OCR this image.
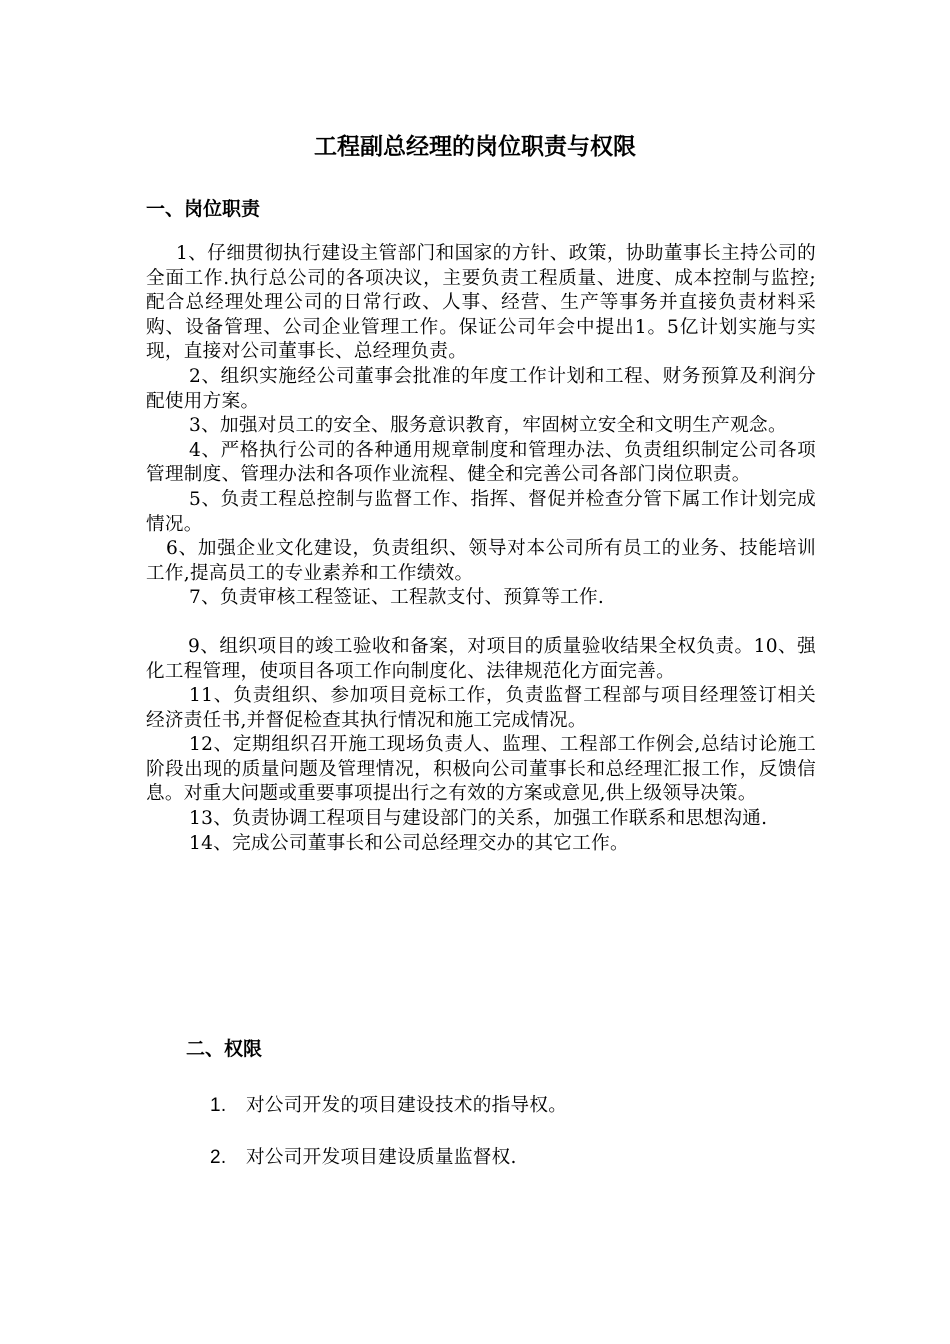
工程副总经理的岗位职责与权限
一、岗位职责

1、仔细贯彻执行建设主管部门和国家的方针、政策，协助董事长主持公司的全面工作.执行总公司的各项决议，主要负责工程质量、进度、成本控制与监控;配合总经理处理公司的日常行政、人事、经营、生产等事务并直接负责材料采购、设备管理、公司企业管理工作。保证公司年会中提出1。5亿计划实施与实现，直接对公司董事长、总经理负责。

2、组织实施经公司董事会批准的年度工作计划和工程、财务预算及利润分配使用方案。

3、加强对员工的安全、服务意识教育，牢固树立安全和文明生产观念。

4、严格执行公司的各种通用规章制度和管理办法、负责组织制定公司各项管理制度、管理办法和各项作业流程、健全和完善公司各部门岗位职责。

5、负责工程总控制与监督工作、指挥、督促并检查分管下属工作计划完成情况。

6、加强企业文化建设，负责组织、领导对本公司所有员工的业务、技能培训工作,提高员工的专业素养和工作绩效。

7、负责审核工程签证、工程款支付、预算等工作.

9、组织项目的竣工验收和备案，对项目的质量验收结果全权负责。10、强化工程管理，使项目各项工作向制度化、法律规范化方面完善。

11、负责组织、参加项目竞标工作，负责监督工程部与项目经理签订相关经济责任书,并督促检查其执行情况和施工完成情况。

12、定期组织召开施工现场负责人、监理、工程部工作例会,总结讨论施工阶段出现的质量问题及管理情况，积极向公司董事长和总经理汇报工作，反馈信息。对重大问题或重要事项提出行之有效的方案或意见,供上级领导决策。

13、负责协调工程项目与建设部门的关系，加强工作联系和思想沟通.

14、完成公司董事长和公司总经理交办的其它工作。

二、权限
1.	对公司开发的项目建设技术的指导权。
2.	对公司开发项目建设质量监督权.
